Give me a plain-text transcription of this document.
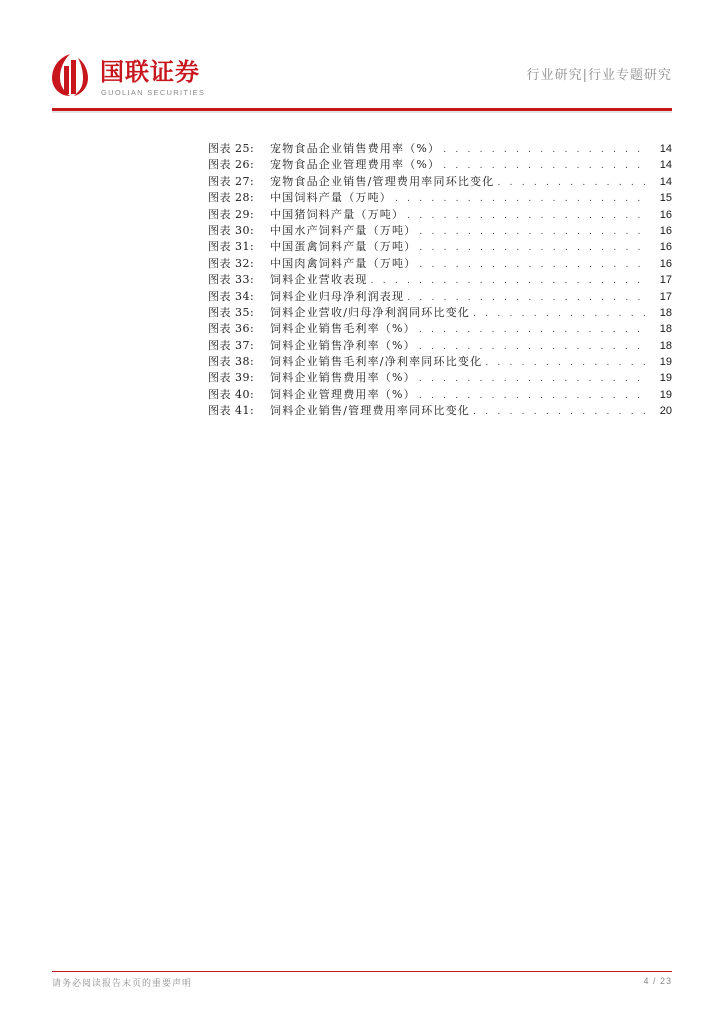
国联证券
GUOLIAN SECURITIES
行业研究|行业专题研究
图表 25:	宠物食品企业销售费用率（%） . . .	14
图表 26:	宠物食品企业管理费用率（%） . . .	14
图表 27:	宠物食品企业销售/管理费用率同环比变化 . . .	14
图表 28:	中国饲料产量（万吨） . . .	15
图表 29:	中国猪饲料产量（万吨） . . .	16
图表 30:	中国水产饲料产量（万吨） . . .	16
图表 31:	中国蛋禽饲料产量（万吨） . . .	16
图表 32:	中国肉禽饲料产量（万吨） . . .	16
图表 33:	饲料企业营收表现 . . .	17
图表 34:	饲料企业归母净利润表现 . . .	17
图表 35:	饲料企业营收/归母净利润同环比变化 . . .	18
图表 36:	饲料企业销售毛利率（%） . . .	18
图表 37:	饲料企业销售净利率（%） . . .	18
图表 38:	饲料企业销售毛利率/净利率同环比变化 . . .	19
图表 39:	饲料企业销售费用率（%） . . .	19
图表 40:	饲料企业管理费用率（%） . . .	19
图表 41:	饲料企业销售/管理费用率同环比变化 . . .	20
请务必阅读报告末页的重要声明	4 / 23
